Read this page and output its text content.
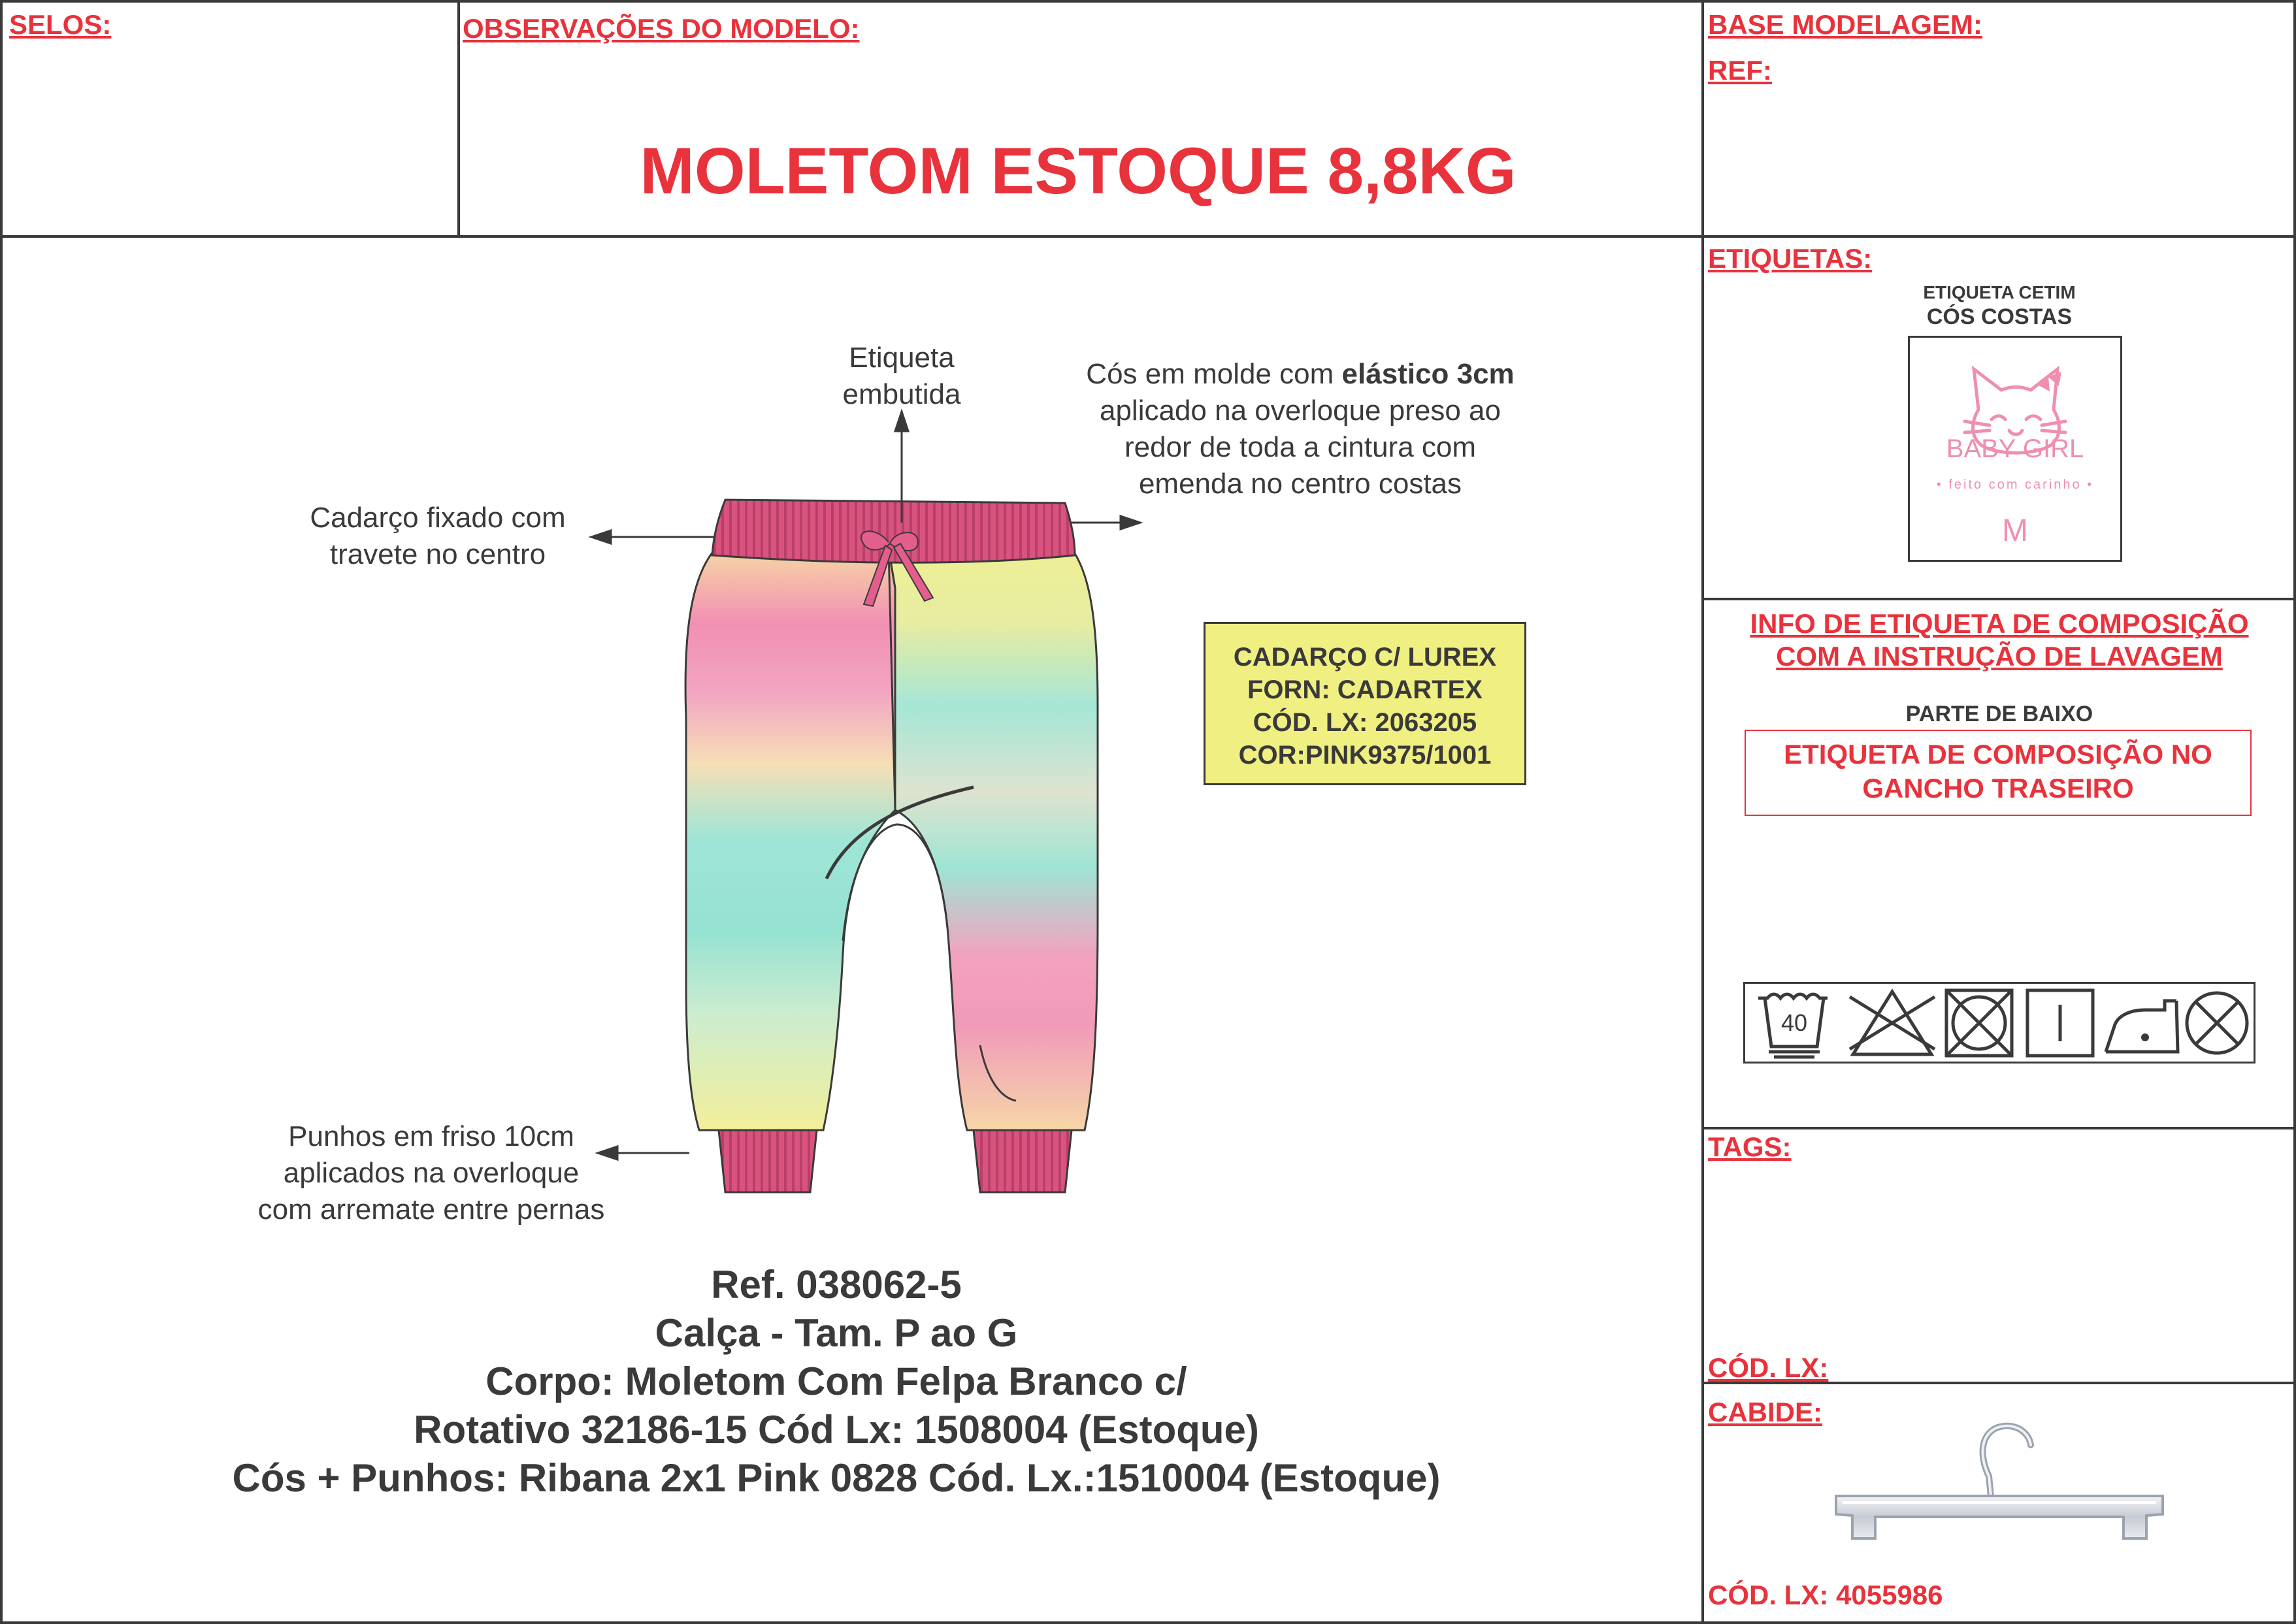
SELOS:	OBSERVAÇÕES DO MODELO:
MOLETOM ESTOQUE 8,8KG
BASE MODELAGEM:
REF:
Etiqueta
embutida
Cós em molde com elástico 3cm
aplicado na overloque preso ao
redor de toda a cintura com
emenda no centro costas
Cadarço fixado com
travete no centro
Punhos em friso 10cm
aplicados na overloque
com arremate entre pernas
CADARÇO C/ LUREX
FORN: CADARTEX
CÓD. LX: 2063205
COR:PINK9375/1001
Ref. 038062-5
Calça - Tam. P ao G
Corpo: Moletom Com Felpa Branco c/
Rotativo 32186-15 Cód Lx: 1508004 (Estoque)
Cós + Punhos: Ribana 2x1 Pink 0828 Cód. Lx.:1510004 (Estoque)
ETIQUETAS:
ETIQUETA CETIM
CÓS COSTAS
BABY GIRL
• feito com carinho •
M
INFO DE ETIQUETA DE COMPOSIÇÃO
COM A INSTRUÇÃO DE LAVAGEM
PARTE DE BAIXO
ETIQUETA DE COMPOSIÇÃO NO
GANCHO TRASEIRO
40
TAGS:
CÓD. LX:
CABIDE:
CÓD. LX: 4055986
